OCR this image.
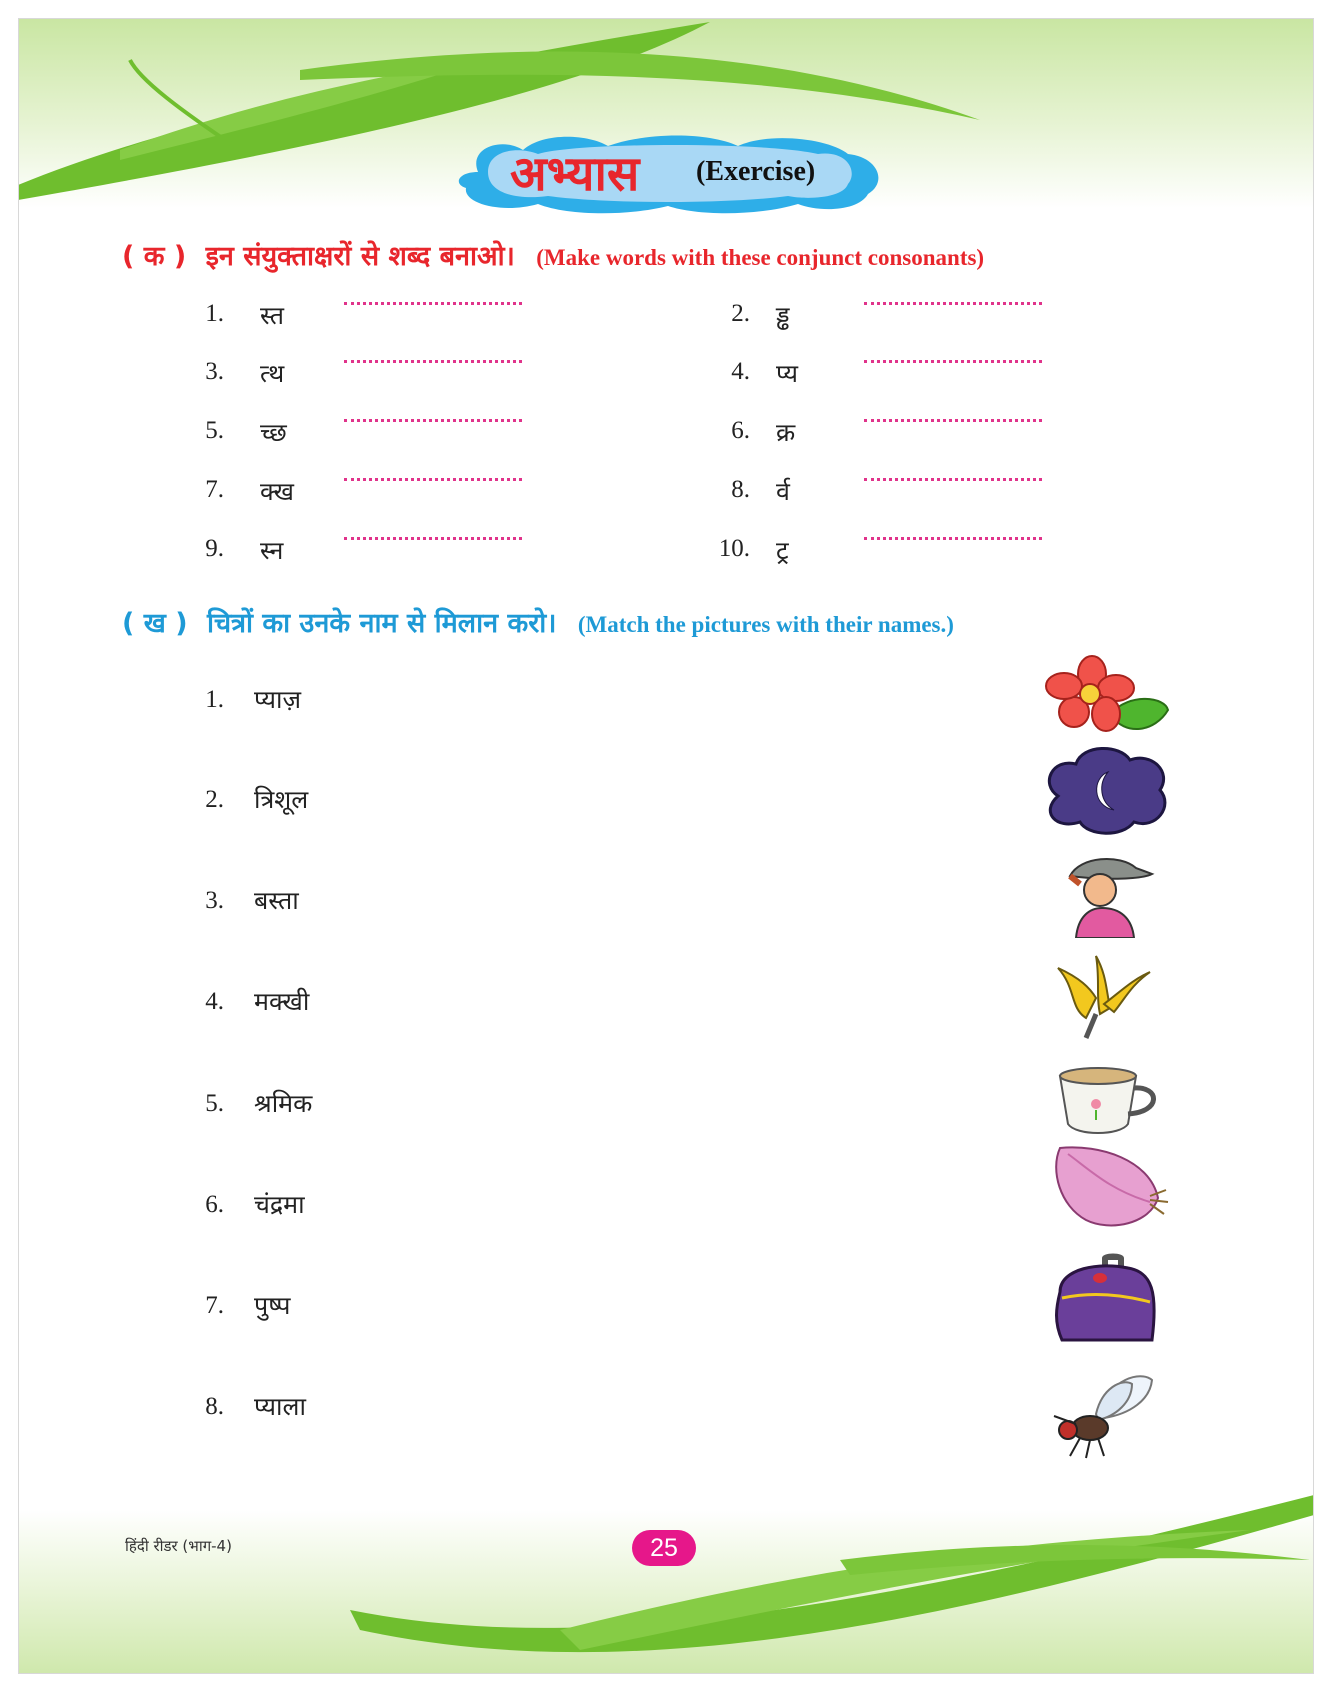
अभ्यास (Exercise)
( क ) इन संयुक्ताक्षरों से शब्द बनाओ। (Make words with these conjunct consonants)
1. स्त
3. त्थ
5. च्छ
7. क्ख
9. स्न
2. ड्ढ
4. प्य
6. क्र
8. र्व
10. ट्र
( ख ) चित्रों का उनके नाम से मिलान करो। (Match the pictures with their names.)
1. प्याज़
2. त्रिशूल
3. बस्ता
4. मक्खी
5. श्रमिक
6. चंद्रमा
7. पुष्प
8. प्याला
हिंदी रीडर (भाग-4)	25
